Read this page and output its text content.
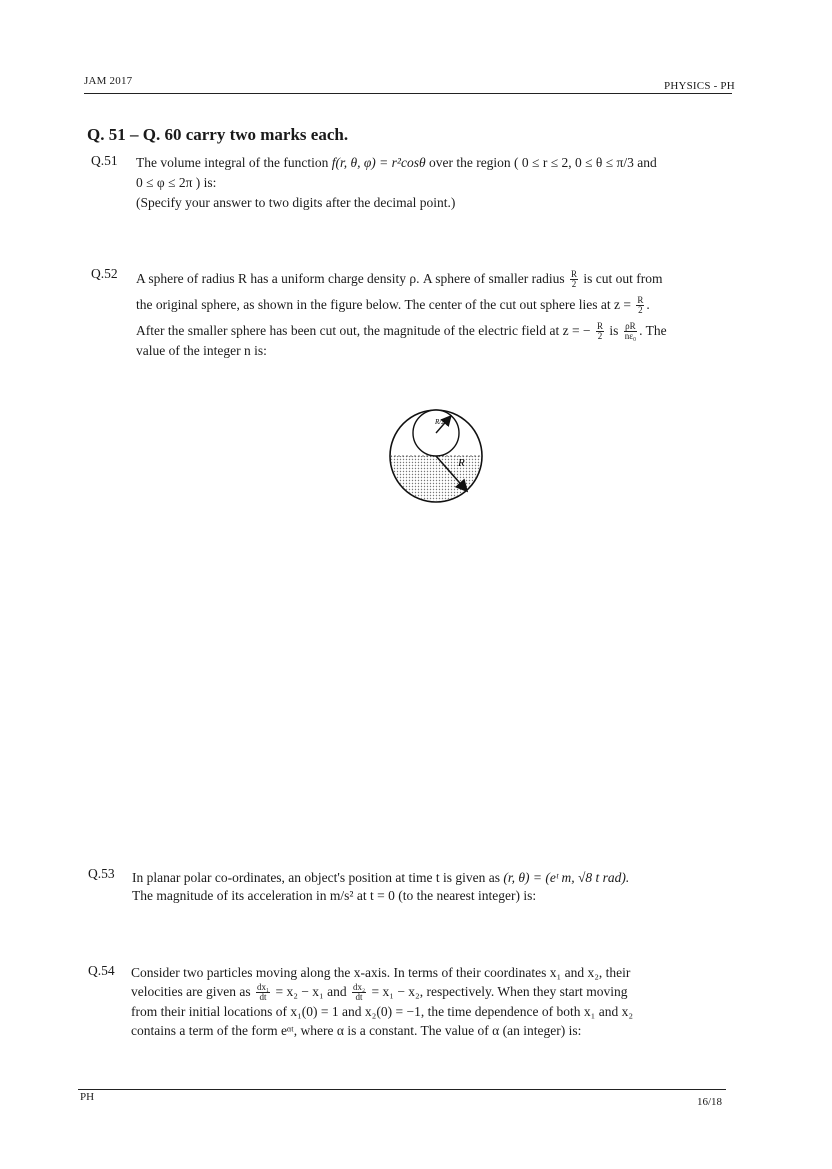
JAM 2017	PHYSICS - PH
Q. 51 – Q. 60 carry two marks each.
Q.51 The volume integral of the function f(r, θ, φ) = r²cosθ over the region ( 0 ≤ r ≤ 2, 0 ≤ θ ≤ π/3 and
0 ≤ φ ≤ 2π ) is:
(Specify your answer to two digits after the decimal point.)
Q.52 A sphere of radius R has a uniform charge density ρ. A sphere of smaller radius $\frac{R}{2}$ is cut out from
the original sphere, as shown in the figure below. The center of the cut out sphere lies at $z = \frac{R}{2}$ .
After the smaller sphere has been cut out, the magnitude of the electric field at z = − $\frac{R}{2}$ is $\frac{\rho R}{\text{nε₀}}$ . The
value of the integer n is:
R/2
R
Q.53 In planar polar co-ordinates, an object's position at time t is given as (r, θ) = (eᵗ m, √8 t rad).
The magnitude of its acceleration in m/s² at t = 0 (to the nearest integer) is:
Q.54 Consider two particles moving along the x-axis. In terms of their coordinates x₁ and x₂, their
velocities are given as $\frac{\text{dx₁}}{dt} = x_2 - x_1$ and $\frac{\text{dx₂}}{dt} = x_1 - x_2$, respectively. When they start moving
from their initial locations of x₁(0) = 1 and x₂(0) = −1, the time dependence of both x₁ and x₂
contains a term of the form eᵅᵗ, where α is a constant. The value of α (an integer) is:
PH	16/18
